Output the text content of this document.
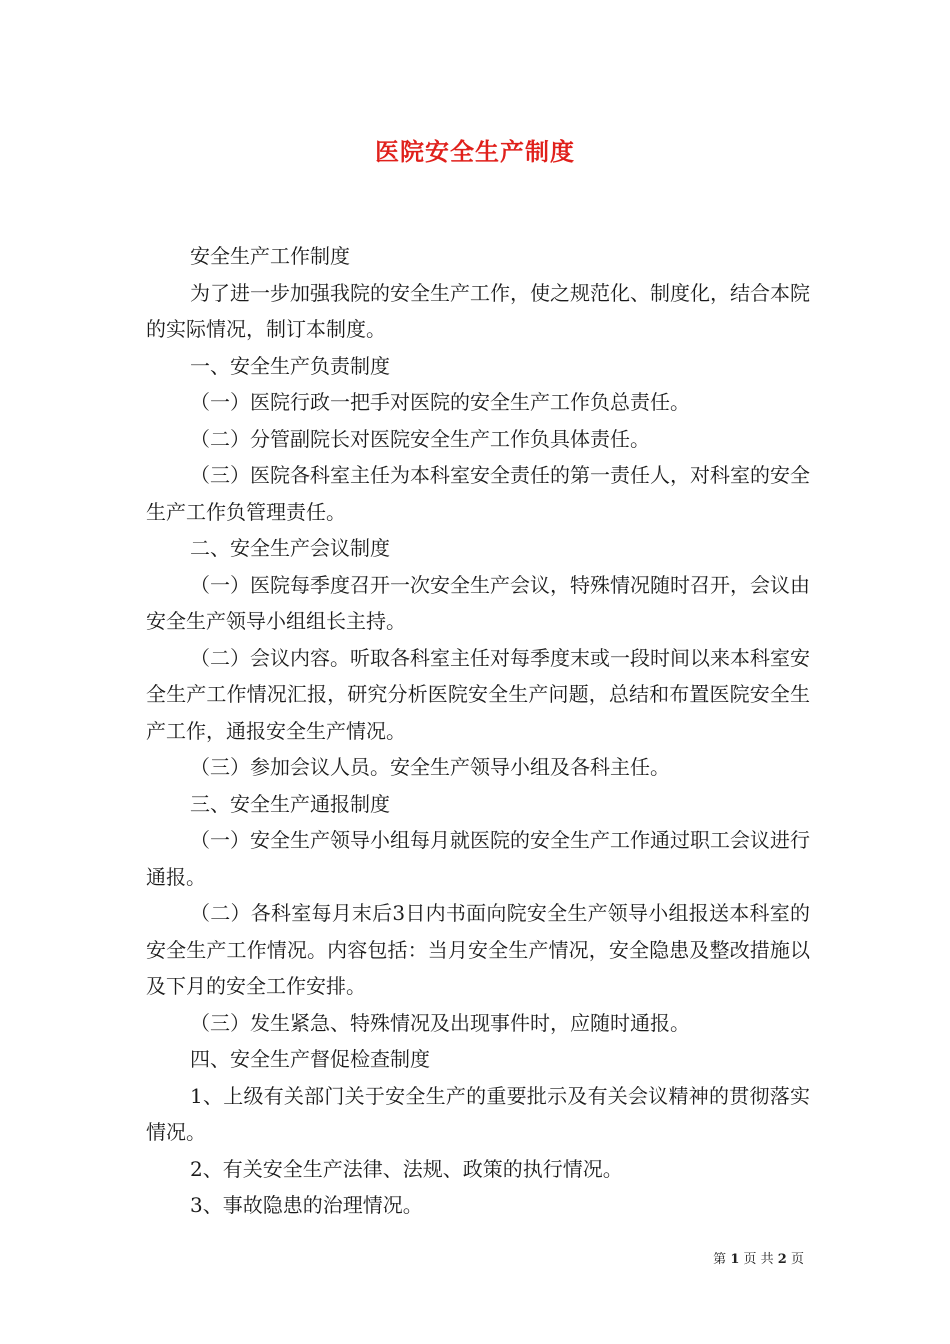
医院安全生产制度

安全生产工作制度

为了进一步加强我院的安全生产工作，使之规范化、制度化，结合本院的实际情况，制订本制度。

一、安全生产负责制度

（一）医院行政一把手对医院的安全生产工作负总责任。

（二）分管副院长对医院安全生产工作负具体责任。

（三）医院各科室主任为本科室安全责任的第一责任人，对科室的安全生产工作负管理责任。

二、安全生产会议制度

（一）医院每季度召开一次安全生产会议，特殊情况随时召开，会议由安全生产领导小组组长主持。

（二）会议内容。听取各科室主任对每季度末或一段时间以来本科室安全生产工作情况汇报，研究分析医院安全生产问题，总结和布置医院安全生产工作，通报安全生产情况。

（三）参加会议人员。安全生产领导小组及各科主任。

三、安全生产通报制度

（一）安全生产领导小组每月就医院的安全生产工作通过职工会议进行通报。

（二）各科室每月末后3日内书面向院安全生产领导小组报送本科室的安全生产工作情况。内容包括：当月安全生产情况，安全隐患及整改措施以及下月的安全工作安排。

（三）发生紧急、特殊情况及出现事件时，应随时通报。

四、安全生产督促检查制度

1、上级有关部门关于安全生产的重要批示及有关会议精神的贯彻落实情况。

2、有关安全生产法律、法规、政策的执行情况。

3、事故隐患的治理情况。

第 1 页 共 2 页
